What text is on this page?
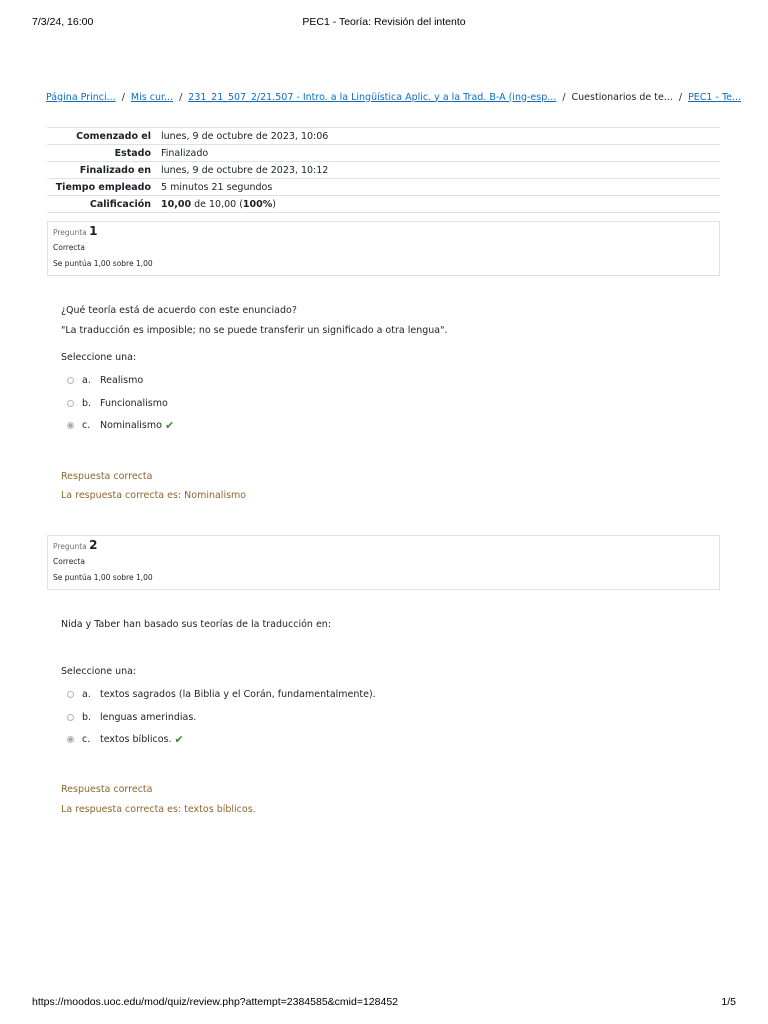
7/3/24, 16:00	PEC1 - Teoría: Revisión del intento
Página Princi... / Mis cur... / 231_21_507_2/21.507 - Intro. a la Lingüística Aplic. y a la Trad. B-A (ing-esp... / Cuestionarios de te... / PEC1 - Te...
Comenzado el	lunes, 9 de octubre de 2023, 10:06
Estado	Finalizado
Finalizado en	lunes, 9 de octubre de 2023, 10:12
Tiempo empleado	5 minutos 21 segundos
Calificación	10,00 de 10,00 (100%)
Pregunta 1
Correcta
Se puntúa 1,00 sobre 1,00
¿Qué teoría está de acuerdo con este enunciado?
"La traducción es imposible; no se puede transferir un significado a otra lengua".
Seleccione una:
a. Realismo
b. Funcionalismo
c.	Nominalismo ✔
Respuesta correcta
La respuesta correcta es: Nominalismo
Pregunta 2
Correcta
Se puntúa 1,00 sobre 1,00
Nida y Taber han basado sus teorías de la traducción en:
Seleccione una:
a. textos sagrados (la Biblia y el Corán, fundamentalmente).
b. lenguas amerindias.
c.	textos bíblicos. ✔
Respuesta correcta
La respuesta correcta es: textos bíblicos.
https://moodos.uoc.edu/mod/quiz/review.php?attempt=2384585&cmid=128452	1/5
